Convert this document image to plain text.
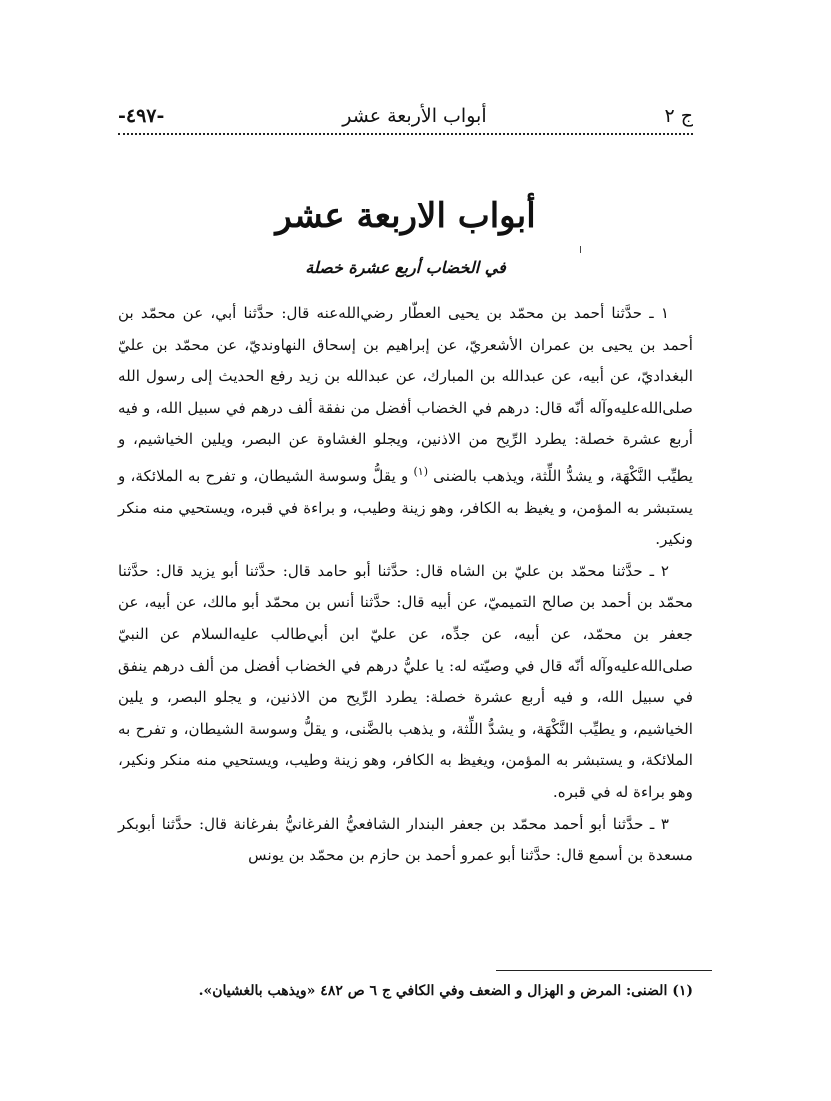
-٤٩٧-	أبواب الأربعة عشر	ج ٢
أبواب الاربعة عشر
في الخضاب أربع عشرة خصلة

١ ـ حدَّثنا أحمد بن محمّد بن يحيى العطّار رضي‌الله‌عنه قال: حدَّثنا أبي، عن محمّد بن أحمد بن يحيى بن عمران الأشعريّ، عن إبراهيم بن إسحاق النهاونديّ، عن محمّد بن عليّ البغداديّ، عن أبيه، عن عبدالله بن المبارك، عن عبدالله بن زيد رفع الحديث إلى رسول الله صلى‌الله‌عليه‌وآله أنّه قال: درهم في الخضاب أفضل من نفقة ألف درهم في سبيل الله، و فيه أربع عشرة خصلة: يطرد الرِّيح من الاذنين، ويجلو الغشاوة عن البصر، ويلين الخياشيم، و يطيِّب النَّكْهَة، و يشدُّ اللِّثة، ويذهب بالضنى $^{(١)}$ و يقلُّ وسوسة الشيطان، و تفرح به الملائكة، و يستبشر به المؤمن، و يغيظ به الكافر، وهو زينة وطيب، و براءة في قبره، ويستحيي منه منكر ونكير.

٢ ـ حدَّثنا محمّد بن عليّ بن الشاه قال: حدَّثنا أبو حامد قال: حدَّثنا أبو يزيد قال: حدَّثنا محمّد بن أحمد بن صالح التميميّ، عن أبيه قال: حدَّثنا أنس بن محمّد أبو مالك، عن أبيه، عن جعفر بن محمّد، عن أبيه، عن جدِّه، عن عليّ ابن أبي‌طالب عليه‌السلام عن النبيّ صلى‌الله‌عليه‌وآله أنّه قال في وصيّته له: يا عليُّ درهم في الخضاب أفضل من ألف درهم ينفق في سبيل الله، و فيه أربع عشرة خصلة: يطرد الرِّيح من الاذنين، و يجلو البصر، و يلين الخياشيم، و يطيِّب النَّكْهَة، و يشدُّ اللِّثة، و يذهب بالضَّنى، و يقلُّ وسوسة الشيطان، و تفرح به الملائكة، و يستبشر به المؤمن، ويغيظ به الكافر، وهو زينة وطيب، ويستحيي منه منكر ونكير، وهو براءة له في قبره.

٣ ـ حدَّثنا أبو أحمد محمّد بن جعفر البندار الشافعيُّ الفرغانيُّ بفرغانة قال: حدَّثنا أبوبكر مسعدة بن أسمع قال: حدَّثنا أبو عمرو أحمد بن حازم بن محمّد بن يونس

(١) الضنى: المرض و الهزال و الضعف وفي الكافي ج ٦ ص ٤٨٢ «ويذهب بالغشيان».
